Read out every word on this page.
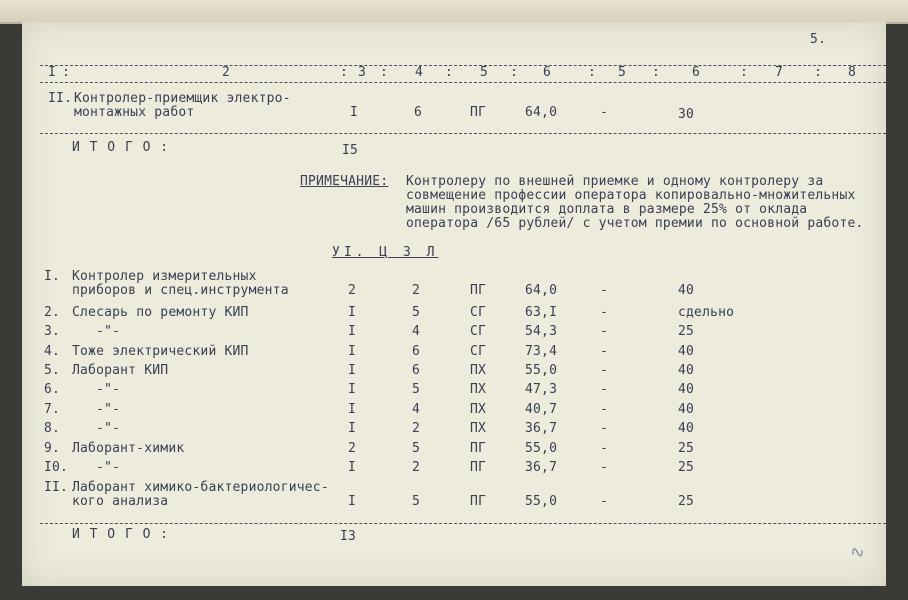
5.
I :	2	: 3 : 4 : 5 : 6	: 5 : 6	: 7 : 8
II. Контролер-приемщик электро-
монтажных работ	I	6	ПГ	64,0	-	30
И Т О Г О :	I5
ПРИМЕЧАНИЕ: Контролеру по внешней приемке и одному контролеру за
совмещение профессии оператора копировально-множительных
машин производится доплата в размере 25% от оклада
оператора /65 рублей/ с учетом премии по основной работе.
УI. Ц З Л
I. Контролер измерительных
приборов и спец.инструмента	2	2	ПГ	64,0	-	40
2. Слесарь по ремонту КИП	I	5	СГ	63,I	-	сдельно
3.	-"-	I	4	СГ	54,3	-	25
4. Тоже электрический КИП	I	6	СГ	73,4	-	40
5. Лаборант КИП	I	6	ПХ	55,0	-	40
6.	-"-	I	5	ПХ	47,3	-	40
7.	-"-	I	4	ПХ	40,7	-	40
8.	-"-	I	2	ПХ	36,7	-	40
9. Лаборант-химик	2	5	ПГ	55,0	-	25
I0. -"-	I	2	ПГ	36,7	-	25
II. Лаборант химико-бактериологичес-
кого анализа	I	5	ПГ	55,0	-	25
И Т О Г О :	I3
∿
